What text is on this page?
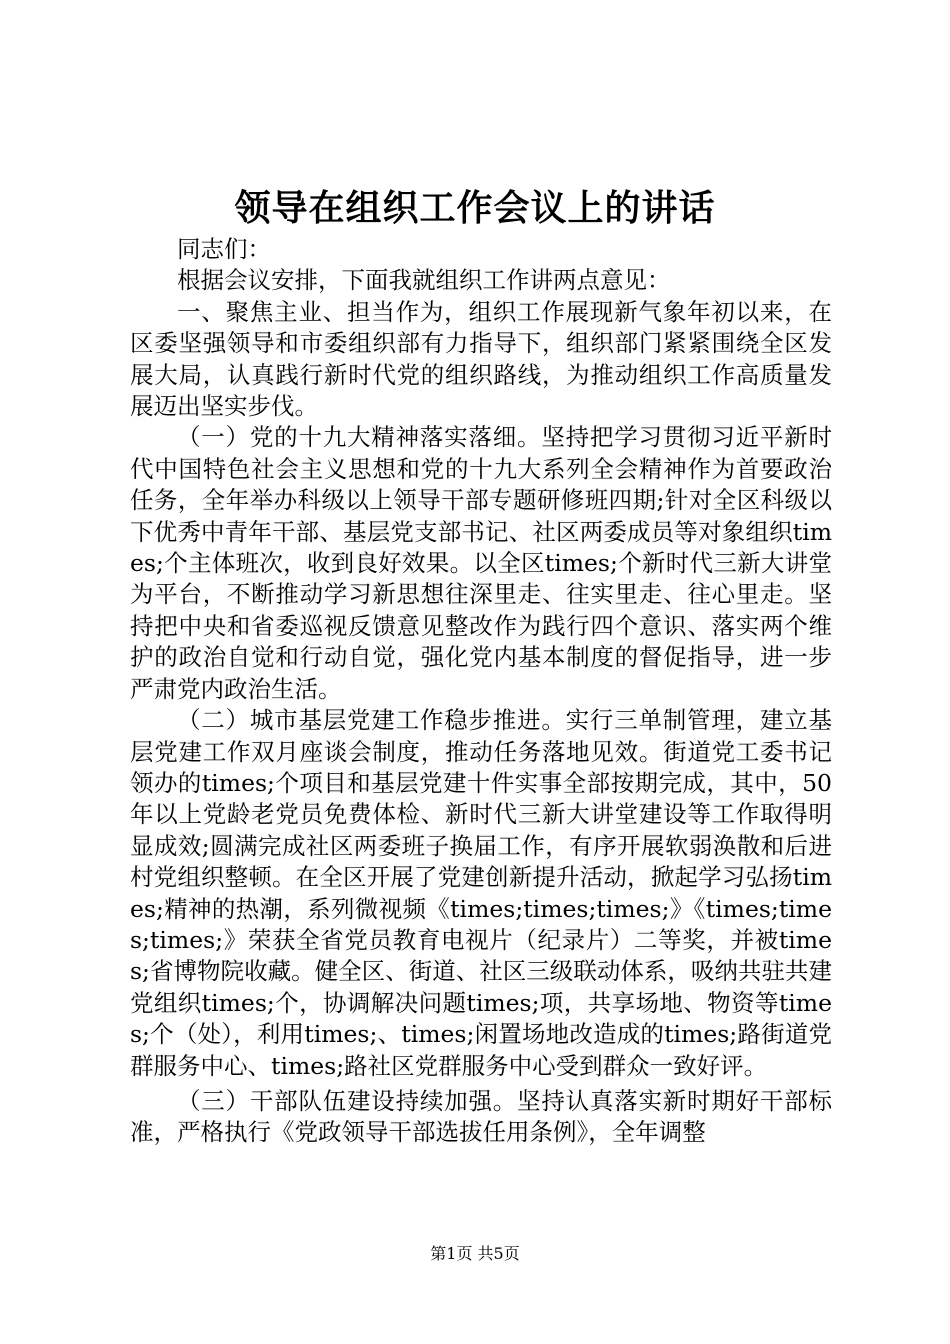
领导在组织工作会议上的讲话

同志们：

根据会议安排，下面我就组织工作讲两点意见：

一、聚焦主业、担当作为，组织工作展现新气象年初以来，在区委坚强领导和市委组织部有力指导下，组织部门紧紧围绕全区发展大局，认真践行新时代党的组织路线，为推动组织工作高质量发展迈出坚实步伐。

（一）党的十九大精神落实落细。坚持把学习贯彻习近平新时代中国特色社会主义思想和党的十九大系列全会精神作为首要政治任务，全年举办科级以上领导干部专题研修班四期;针对全区科级以下优秀中青年干部、基层党支部书记、社区两委成员等对象组织times;个主体班次，收到良好效果。以全区times;个新时代三新大讲堂为平台，不断推动学习新思想往深里走、往实里走、往心里走。坚持把中央和省委巡视反馈意见整改作为践行四个意识、落实两个维护的政治自觉和行动自觉，强化党内基本制度的督促指导，进一步严肃党内政治生活。

（二）城市基层党建工作稳步推进。实行三单制管理，建立基层党建工作双月座谈会制度，推动任务落地见效。街道党工委书记领办的times;个项目和基层党建十件实事全部按期完成，其中，50年以上党龄老党员免费体检、新时代三新大讲堂建设等工作取得明显成效;圆满完成社区两委班子换届工作，有序开展软弱涣散和后进村党组织整顿。在全区开展了党建创新提升活动，掀起学习弘扬times;精神的热潮，系列微视频《times;times;times;》《times;times;times;》荣获全省党员教育电视片（纪录片）二等奖，并被times;省博物院收藏。健全区、街道、社区三级联动体系，吸纳共驻共建党组织times;个，协调解决问题times;项，共享场地、物资等times;个（处），利用times;、times;闲置场地改造成的times;路街道党群服务中心、times;路社区党群服务中心受到群众一致好评。

（三）干部队伍建设持续加强。坚持认真落实新时期好干部标准，严格执行《党政领导干部选拔任用条例》，全年调整

第1页 共5页
